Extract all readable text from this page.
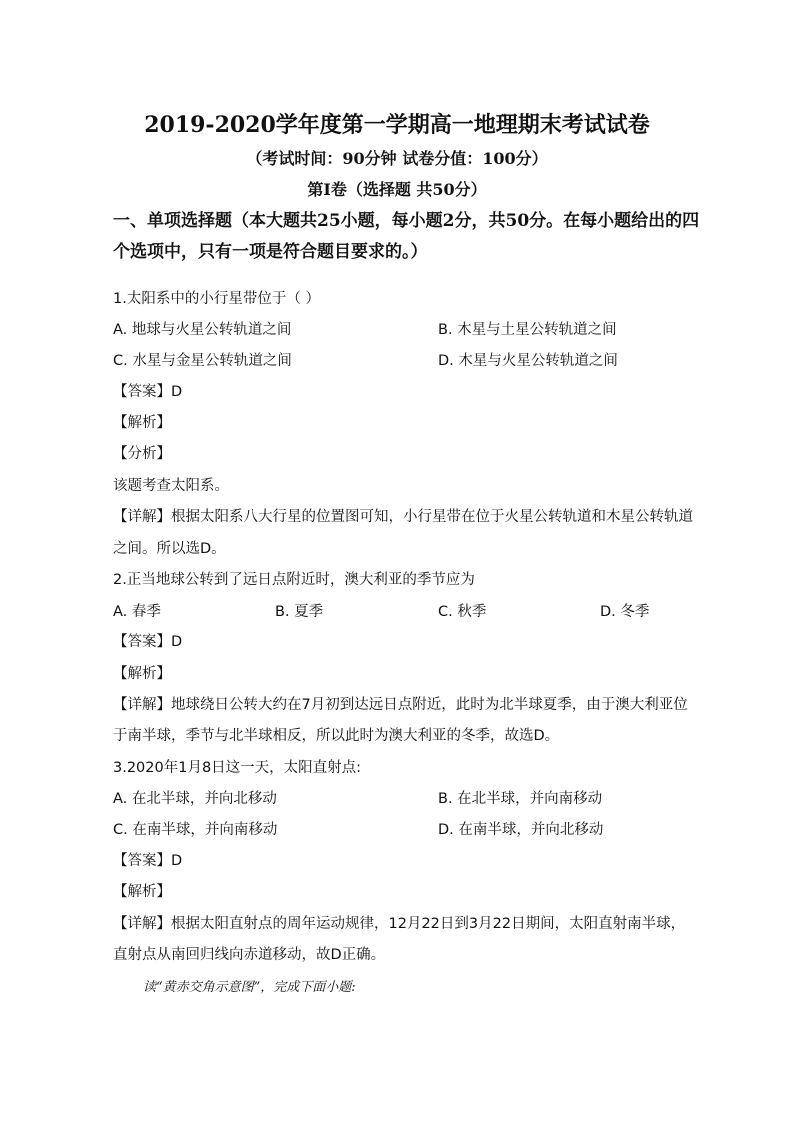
2019-2020学年度第一学期高一地理期末考试试卷
（考试时间：90分钟 试卷分值：100分）
第Ⅰ卷（选择题 共50分）
一、单项选择题（本大题共25小题，每小题2分，共50分。在每小题给出的四
个选项中，只有一项是符合题目要求的。）
1.太阳系中的小行星带位于（ ）
A. 地球与火星公转轨道之间	B. 木星与土星公转轨道之间
C. 水星与金星公转轨道之间	D. 木星与火星公转轨道之间
【答案】D
【解析】
【分析】
该题考查太阳系。
【详解】根据太阳系八大行星的位置图可知，小行星带在位于火星公转轨道和木星公转轨道
之间。所以选D。
2.正当地球公转到了远日点附近时，澳大利亚的季节应为
A. 春季	B. 夏季	C. 秋季	D. 冬季
【答案】D
【解析】
【详解】地球绕日公转大约在7月初到达远日点附近，此时为北半球夏季，由于澳大利亚位
于南半球，季节与北半球相反，所以此时为澳大利亚的冬季，故选D。
3.2020年1月8日这一天，太阳直射点:
A. 在北半球，并向北移动	B. 在北半球，并向南移动
C. 在南半球，并向南移动	D. 在南半球，并向北移动
【答案】D
【解析】
【详解】根据太阳直射点的周年运动规律，12月22日到3月22日期间，太阳直射南半球，
直射点从南回归线向赤道移动，故D正确。
读“黄赤交角示意图”，完成下面小题:
